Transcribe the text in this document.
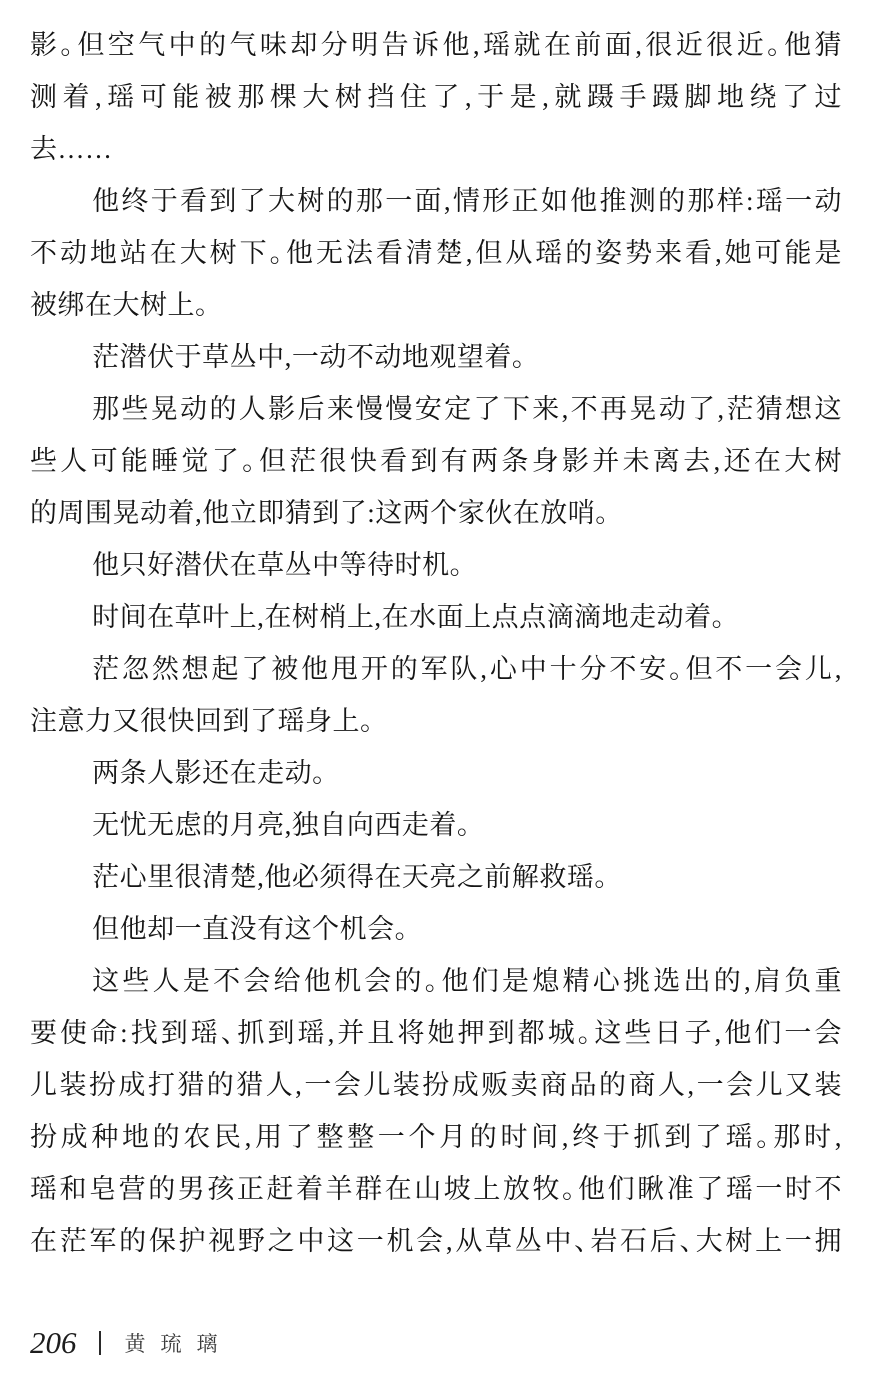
影。但空气中的气味却分明告诉他,瑶就在前面,很近很近。他猜
测着,瑶可能被那棵大树挡住了,于是,就蹑手蹑脚地绕了过
去……
他终于看到了大树的那一面,情形正如他推测的那样:瑶一动
不动地站在大树下。他无法看清楚,但从瑶的姿势来看,她可能是
被绑在大树上。
茫潜伏于草丛中,一动不动地观望着。
那些晃动的人影后来慢慢安定了下来,不再晃动了,茫猜想这
些人可能睡觉了。但茫很快看到有两条身影并未离去,还在大树
的周围晃动着,他立即猜到了:这两个家伙在放哨。
他只好潜伏在草丛中等待时机。
时间在草叶上,在树梢上,在水面上点点滴滴地走动着。
茫忽然想起了被他甩开的军队,心中十分不安。但不一会儿,
注意力又很快回到了瑶身上。
两条人影还在走动。
无忧无虑的月亮,独自向西走着。
茫心里很清楚,他必须得在天亮之前解救瑶。
但他却一直没有这个机会。
这些人是不会给他机会的。他们是熄精心挑选出的,肩负重
要使命:找到瑶、抓到瑶,并且将她押到都城。这些日子,他们一会
儿装扮成打猎的猎人,一会儿装扮成贩卖商品的商人,一会儿又装
扮成种地的农民,用了整整一个月的时间,终于抓到了瑶。那时,
瑶和皂营的男孩正赶着羊群在山坡上放牧。他们瞅准了瑶一时不
在茫军的保护视野之中这一机会,从草丛中、岩石后、大树上一拥
206 黄琉璃
